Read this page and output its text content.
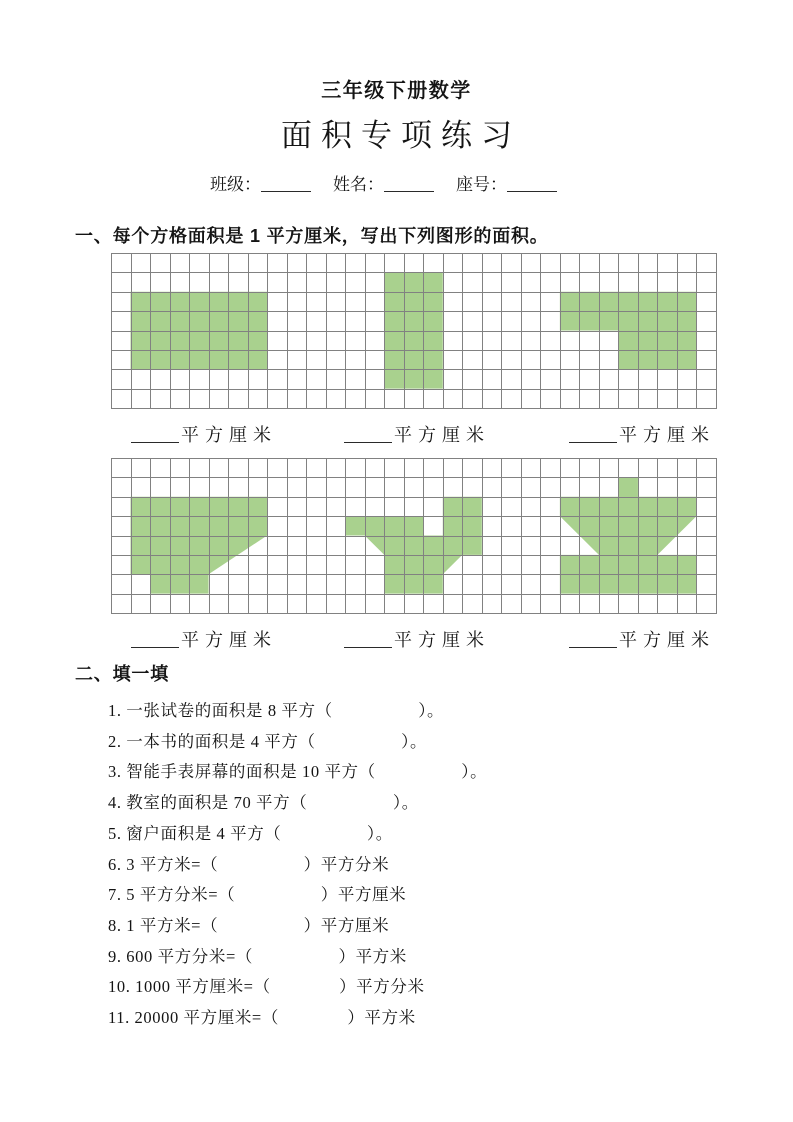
三年级下册数学
面积专项练习
班级：	姓名：	座号：
一、每个方格面积是 1 平方厘米，写出下列图形的面积。
平方厘米	平方厘米	平方厘米
平方厘米	平方厘米	平方厘米
二、填一填
1. 一张试卷的面积是 8 平方（　　　　　）。
2. 一本书的面积是 4 平方（　　　　　）。
3. 智能手表屏幕的面积是 10 平方（　　　　　）。
4. 教室的面积是 70 平方（　　　　　）。
5. 窗户面积是 4 平方（　　　　　）。
6. 3 平方米=（　　　　　）平方分米
7. 5 平方分米=（　　　　　）平方厘米
8. 1 平方米=（　　　　　）平方厘米
9. 600 平方分米=（　　　　　）平方米
10. 1000 平方厘米=（　　　　）平方分米
11. 20000 平方厘米=（　　　　）平方米
